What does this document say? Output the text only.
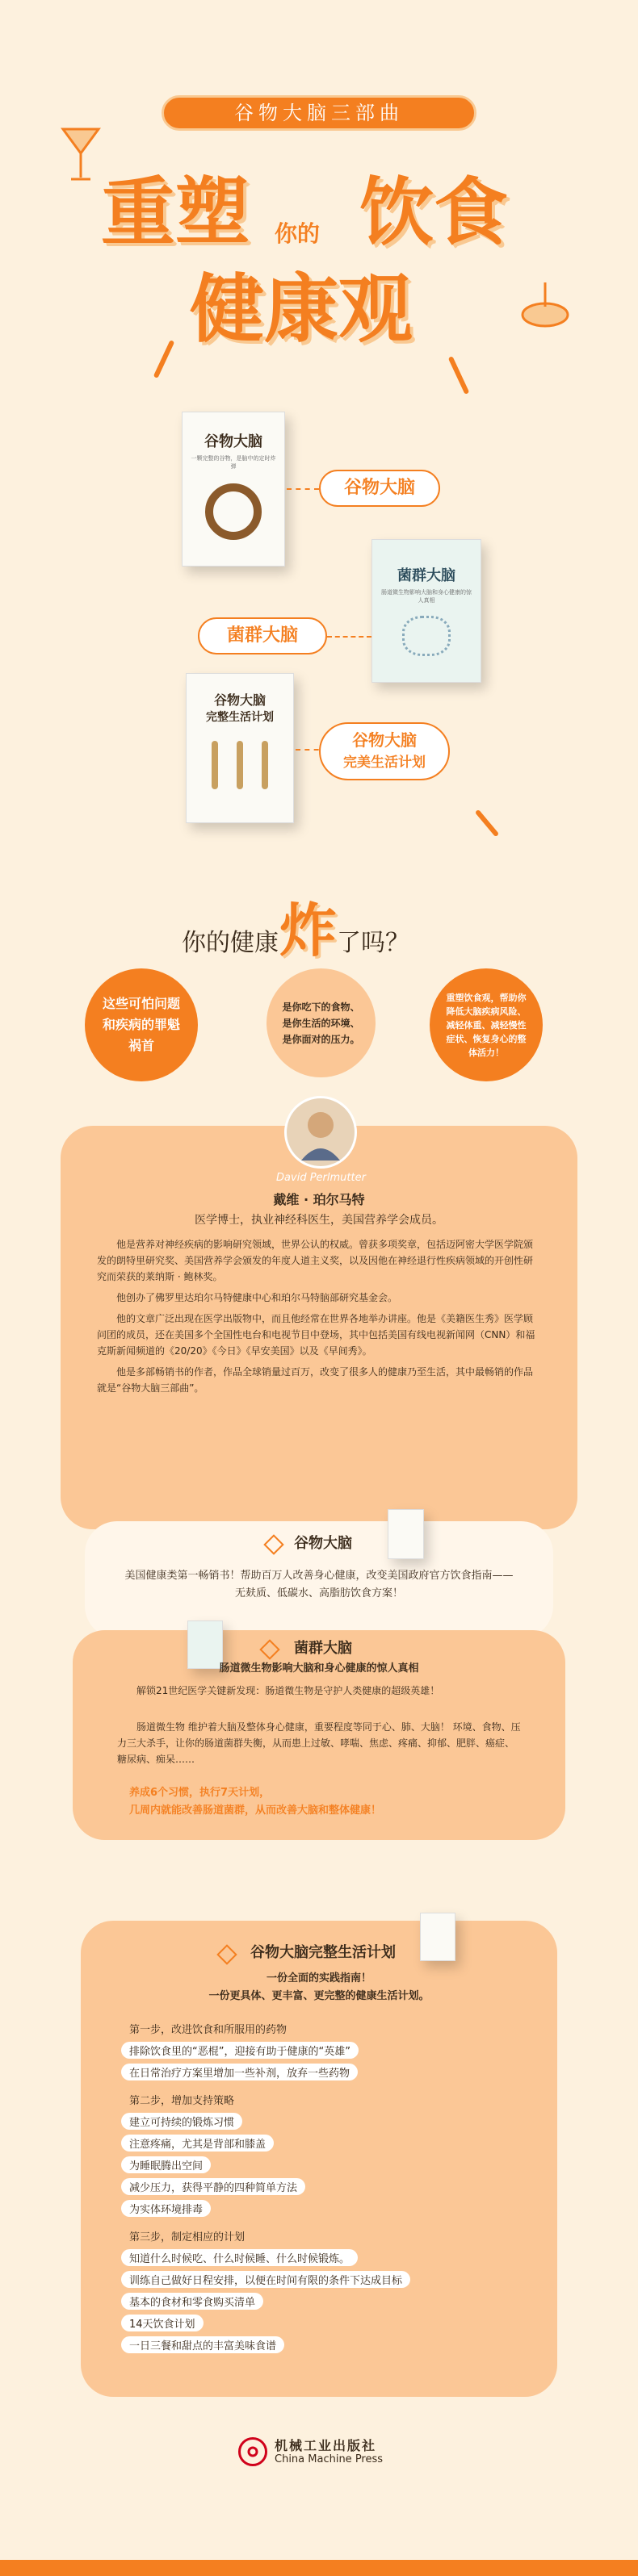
谷物大脑三部曲
重塑 你的 饮食
健康观
谷物大脑
一颗完整的谷物，是脑中的定时炸弹
谷物大脑
菌群大脑
肠道微生物影响大脑和身心健康的惊人真相
菌群大脑
谷物大脑
完整生活计划
谷物大脑
完美生活计划
你的健康炸了吗？
这些可怕问题和疾病的罪魁祸首
是你吃下的食物、是你生活的环境、是你面对的压力。
重塑饮食观，帮助你降低大脑疾病风险、减轻体重、减轻慢性症状、恢复身心的整体活力！
David Perlmutter
戴维 · 珀尔马特
医学博士，执业神经科医生，美国营养学会成员。

他是营养对神经疾病的影响研究领域，世界公认的权威。曾获多项奖章，包括迈阿密大学医学院颁发的朗特里研究奖、美国营养学会颁发的年度人道主义奖，以及因他在神经退行性疾病领域的开创性研究而荣获的莱纳斯 · 鲍林奖。

他创办了佛罗里达珀尔马特健康中心和珀尔马特脑部研究基金会。

他的文章广泛出现在医学出版物中，而且他经常在世界各地举办讲座。他是《美籍医生秀》医学顾问团的成员，还在美国多个全国性电台和电视节目中登场，其中包括美国有线电视新闻网（CNN）和福克斯新闻频道的《20/20》《今日》《早安美国》以及《早间秀》。

他是多部畅销书的作者，作品全球销量过百万，改变了很多人的健康乃至生活，其中最畅销的作品就是“谷物大脑三部曲”。

谷物大脑
美国健康类第一畅销书！帮助百万人改善身心健康，改变美国政府官方饮食指南——无麸质、低碳水、高脂肪饮食方案！
菌群大脑
肠道微生物影响大脑和身心健康的惊人真相
解锁21世纪医学关键新发现：肠道微生物是守护人类健康的超级英雄！
肠道微生物 维护着大脑及整体身心健康，重要程度等同于心、肺、大脑！ 环境、食物、压力三大杀手，让你的肠道菌群失衡，从而患上过敏、哮喘、焦虑、疼痛、抑郁、肥胖、癌症、糖尿病、痴呆……
养成6个习惯，执行7天计划，
几周内就能改善肠道菌群，从而改善大脑和整体健康！
谷物大脑完整生活计划
一份全面的实践指南！
一份更具体、更丰富、更完整的健康生活计划。
第一步，改进饮食和所服用的药物
排除饮食里的“恶棍”，迎接有助于健康的“英雄”
在日常治疗方案里增加一些补剂，放弃一些药物
第二步，增加支持策略
建立可持续的锻炼习惯
注意疼痛，尤其是背部和膝盖
为睡眠腾出空间
减少压力，获得平静的四种简单方法
为实体环境排毒
第三步，制定相应的计划
知道什么时候吃、什么时候睡、什么时候锻炼。
训练自己做好日程安排，以便在时间有限的条件下达成目标
基本的食材和零食购买清单
14天饮食计划
一日三餐和甜点的丰富美味食谱
机械工业出版社
China Machine Press
